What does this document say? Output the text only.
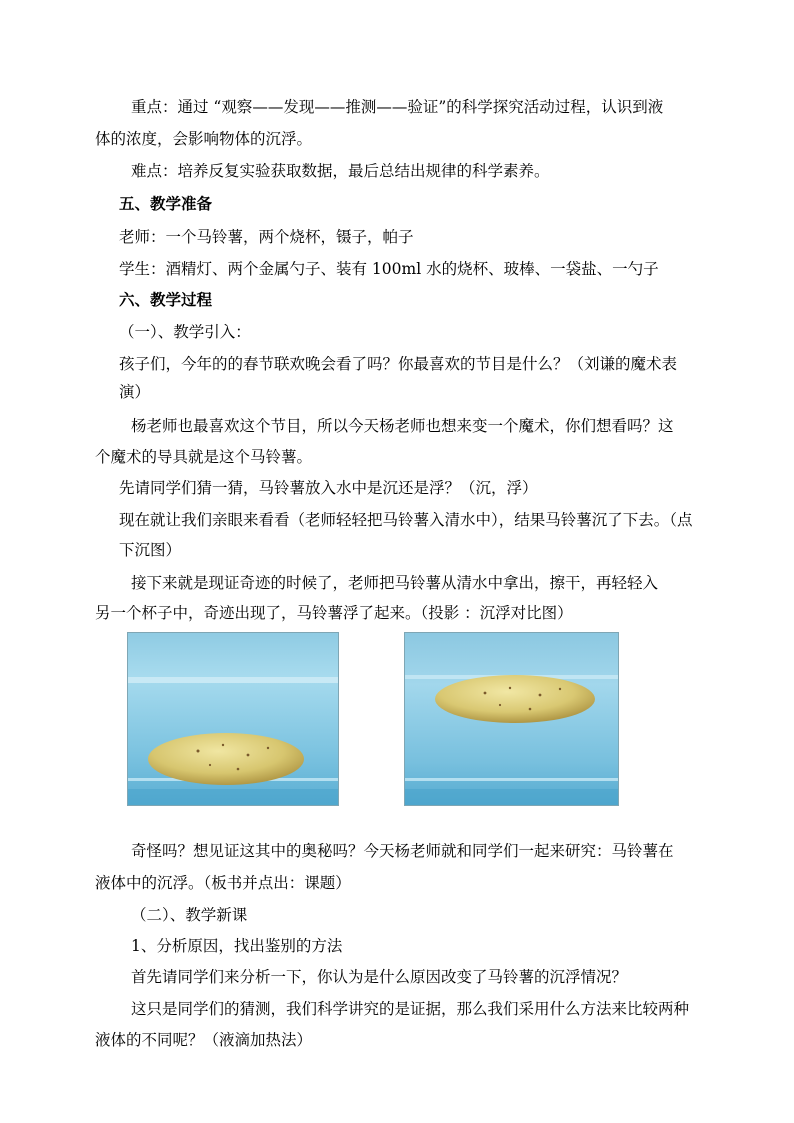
重点：通过 “观察——发现——推测——验证”的科学探究活动过程，认识到液
体的浓度，会影响物体的沉浮。
难点：培养反复实验获取数据，最后总结出规律的科学素养。
五、教学准备
老师：一个马铃薯，两个烧杯，镊子，帕子
学生：酒精灯、两个金属勺子、装有 100ml 水的烧杯、玻棒、一袋盐、一勺子
六、教学过程
（一）、教学引入：
孩子们，今年的的春节联欢晚会看了吗？你最喜欢的节目是什么？（刘谦的魔术表
演）
杨老师也最喜欢这个节目，所以今天杨老师也想来变一个魔术，你们想看吗？这
个魔术的导具就是这个马铃薯。
先请同学们猜一猜，马铃薯放入水中是沉还是浮？（沉，浮）
现在就让我们亲眼来看看（老师轻轻把马铃薯入清水中），结果马铃薯沉了下去。（点
下沉图）
接下来就是现证奇迹的时候了，老师把马铃薯从清水中拿出，擦干，再轻轻入
另一个杯子中，奇迹出现了，马铃薯浮了起来。（投影 ：沉浮对比图）
奇怪吗？想见证这其中的奥秘吗？今天杨老师就和同学们一起来研究：马铃薯在
液体中的沉浮。（板书并点出：课题）
（二）、教学新课
1、分析原因，找出鉴别的方法
首先请同学们来分析一下，你认为是什么原因改变了马铃薯的沉浮情况？
这只是同学们的猜测，我们科学讲究的是证据，那么我们采用什么方法来比较两种
液体的不同呢？（液滴加热法）
